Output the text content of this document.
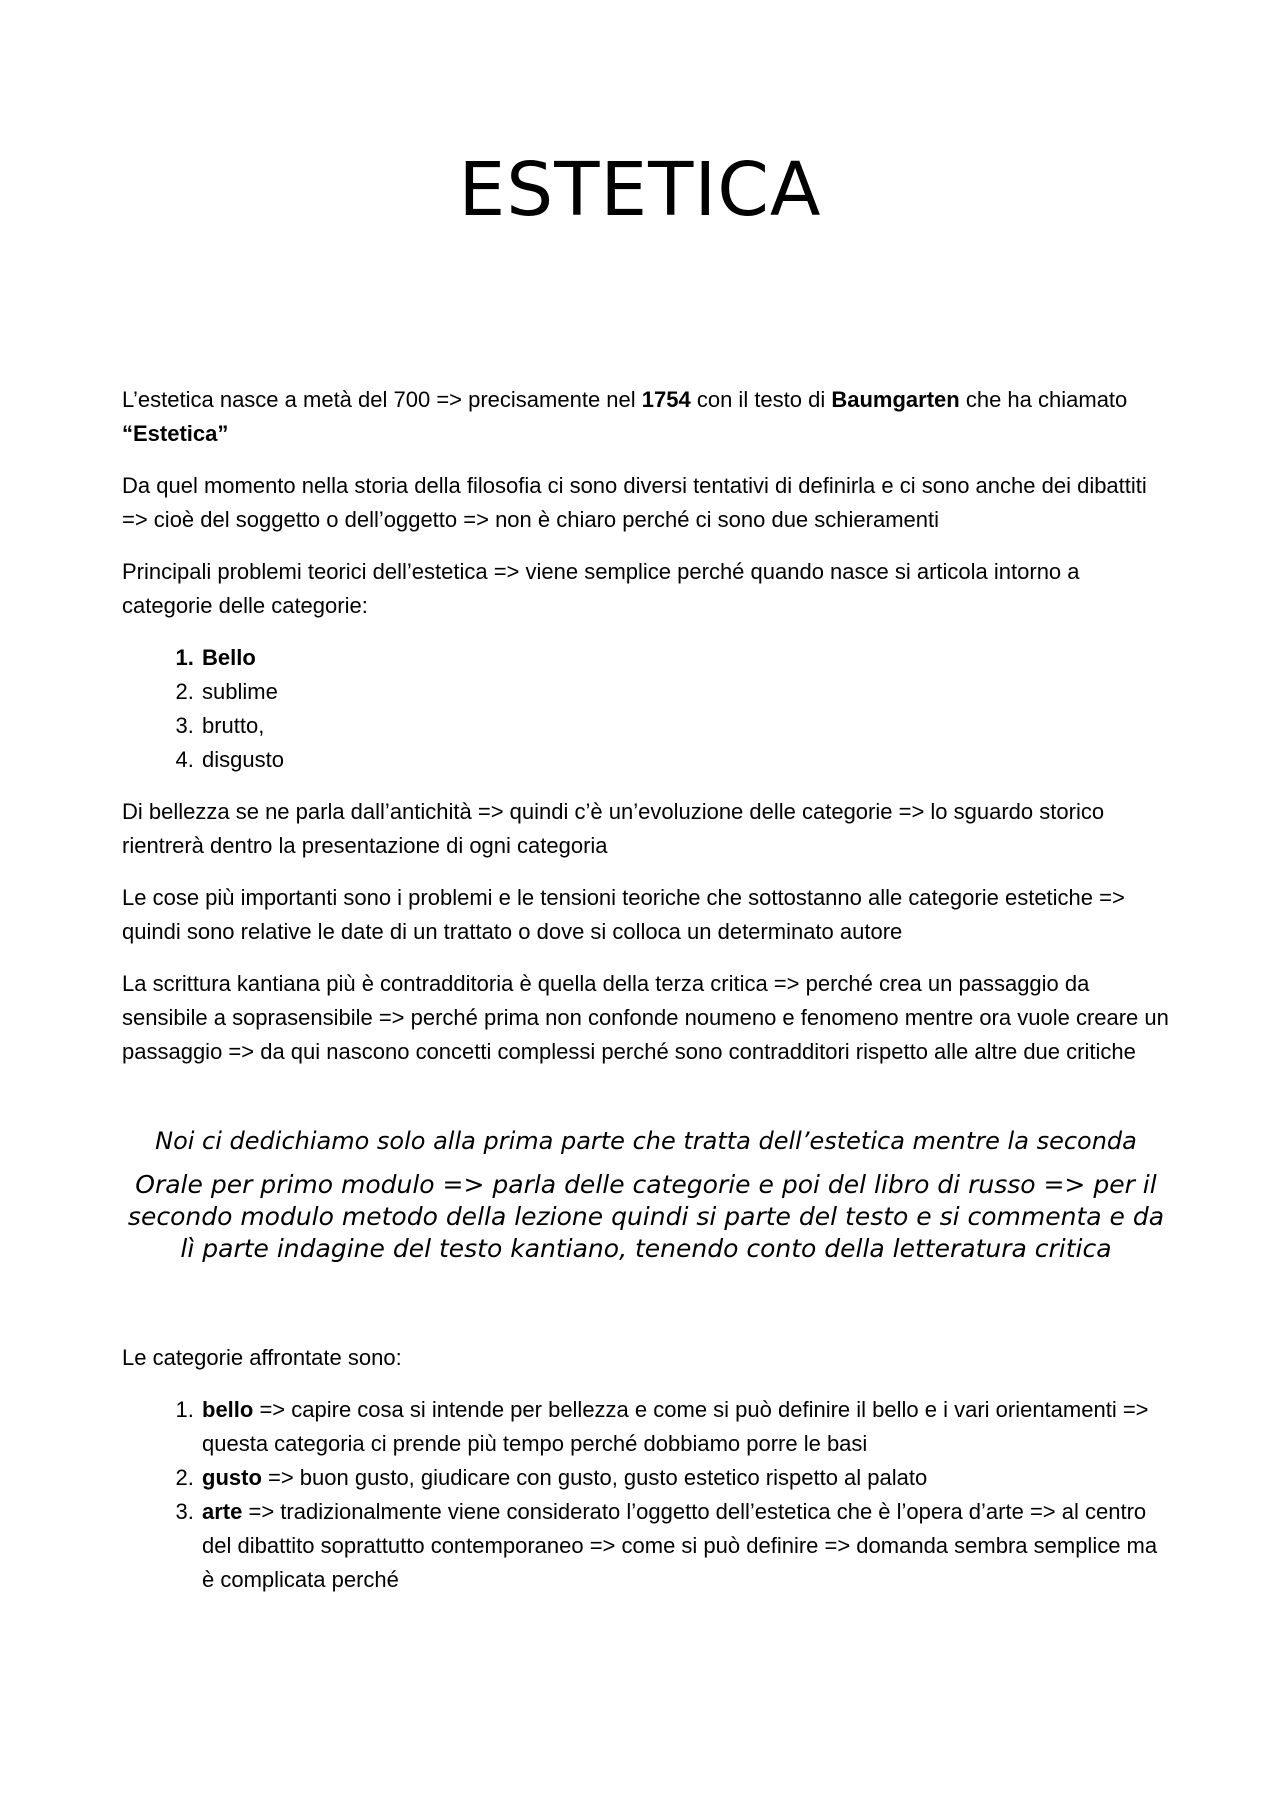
ESTETICA

L’estetica nasce a metà del 700 => precisamente nel 1754 con il testo di Baumgarten che ha chiamato “Estetica”

Da quel momento nella storia della filosofia ci sono diversi tentativi di definirla e ci sono anche dei dibattiti => cioè del soggetto o dell’oggetto => non è chiaro perché ci sono due schieramenti

Principali problemi teorici dell’estetica => viene semplice perché quando nasce si articola intorno a categorie delle categorie:

1. Bello
2. sublime
3. brutto,
4. disgusto

Di bellezza se ne parla dall’antichità => quindi c’è un’evoluzione delle categorie => lo sguardo storico rientrerà dentro la presentazione di ogni categoria

Le cose più importanti sono i problemi e le tensioni teoriche che sottostanno alle categorie estetiche => quindi sono relative le date di un trattato o dove si colloca un determinato autore

La scrittura kantiana più è contradditoria è quella della terza critica => perché crea un passaggio da sensibile a soprasensibile => perché prima non confonde noumeno e fenomeno mentre ora vuole creare un passaggio => da qui nascono concetti complessi perché sono contradditori rispetto alle altre due critiche

Noi ci dedichiamo solo alla prima parte che tratta dell’estetica mentre la seconda

Orale per primo modulo => parla delle categorie e poi del libro di russo => per il secondo modulo metodo della lezione quindi si parte del testo e si commenta e da lì parte indagine del testo kantiano, tenendo conto della letteratura critica

Le categorie affrontate sono:

1. bello => capire cosa si intende per bellezza e come si può definire il bello e i vari orientamenti => questa categoria ci prende più tempo perché dobbiamo porre le basi
2. gusto => buon gusto, giudicare con gusto, gusto estetico rispetto al palato
3. arte => tradizionalmente viene considerato l’oggetto dell’estetica che è l’opera d’arte => al centro del dibattito soprattutto contemporaneo => come si può definire => domanda sembra semplice ma è complicata perché
